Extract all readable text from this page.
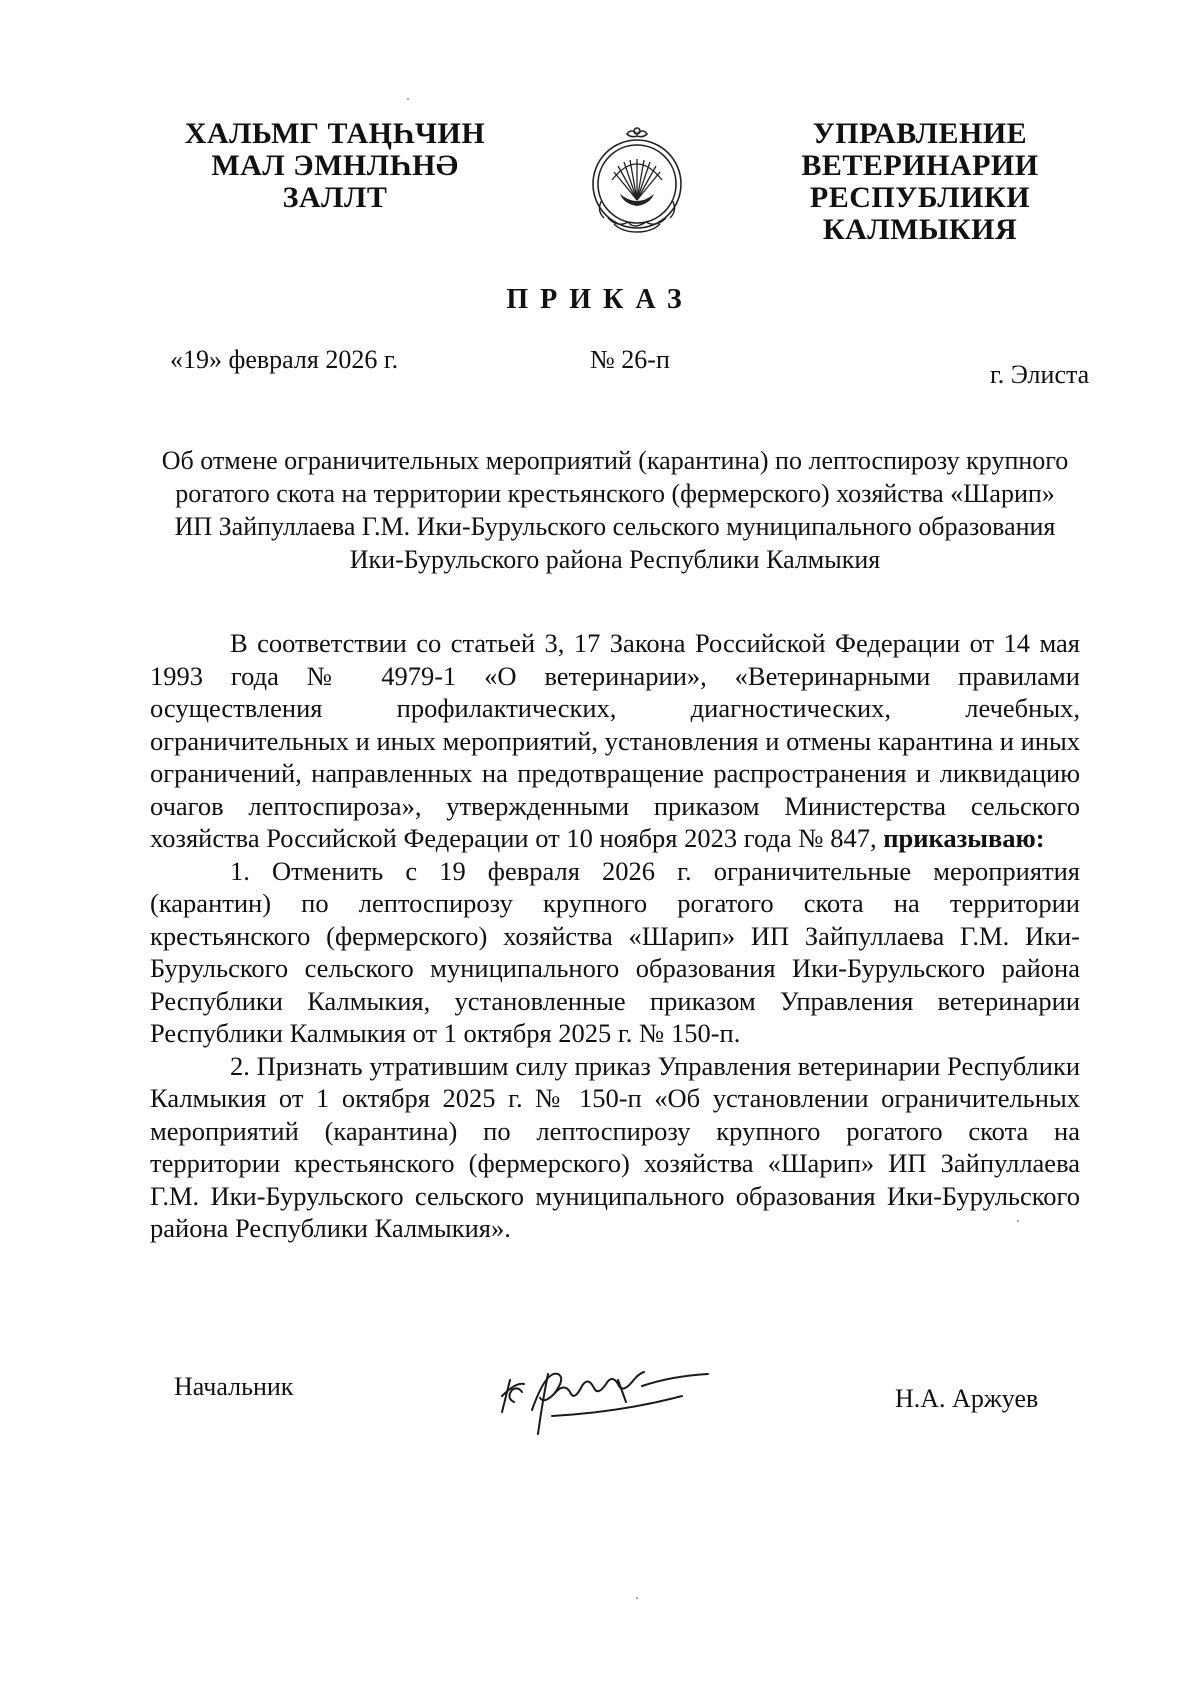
ХАЛЬМГ ТАҢҺЧИН
МАЛ ЭМНЛҺНƏ
ЗАЛЛТ
УПРАВЛЕНИЕ
ВЕТЕРИНАРИИ
РЕСПУБЛИКИ
КАЛМЫКИЯ
ПРИКАЗ
«19» февраля 2026 г.	№ 26-п
г. Элиста
Об отмене ограничительных мероприятий (карантина) по лептоспирозу крупного
рогатого скота на территории крестьянского (фермерского) хозяйства «Шарип»
ИП Зайпуллаева Г.М. Ики-Бурульского сельского муниципального образования
Ики-Бурульского района Республики Калмыкия

В соответствии со статьей 3, 17 Закона Российской Федерации от 14 мая 1993 года № 4979-1 «О ветеринарии», «Ветеринарными правилами осуществления профилактических, диагностических, лечебных, ограничительных и иных мероприятий, установления и отмены карантина и иных ограничений, направленных на предотвращение распространения и ликвидацию очагов лептоспироза», утвержденными приказом Министерства сельского хозяйства Российской Федерации от 10 ноября 2023 года № 847, приказываю:

1. Отменить с 19 февраля 2026 г. ограничительные мероприятия (карантин) по лептоспирозу крупного рогатого скота на территории крестьянского (фермерского) хозяйства «Шарип» ИП Зайпуллаева Г.М. Ики-Бурульского сельского муниципального образования Ики-Бурульского района Республики Калмыкия, установленные приказом Управления ветеринарии Республики Калмыкия от 1 октября 2025 г. № 150-п.

2. Признать утратившим силу приказ Управления ветеринарии Республики Калмыкия от 1 октября 2025 г. № 150-п «Об установлении ограничительных мероприятий (карантина) по лептоспирозу крупного рогатого скота на территории крестьянского (фермерского) хозяйства «Шарип» ИП Зайпуллаева Г.М. Ики-Бурульского сельского муниципального образования Ики-Бурульского района Республики Калмыкия».

Начальник	Н.А. Аржуев
